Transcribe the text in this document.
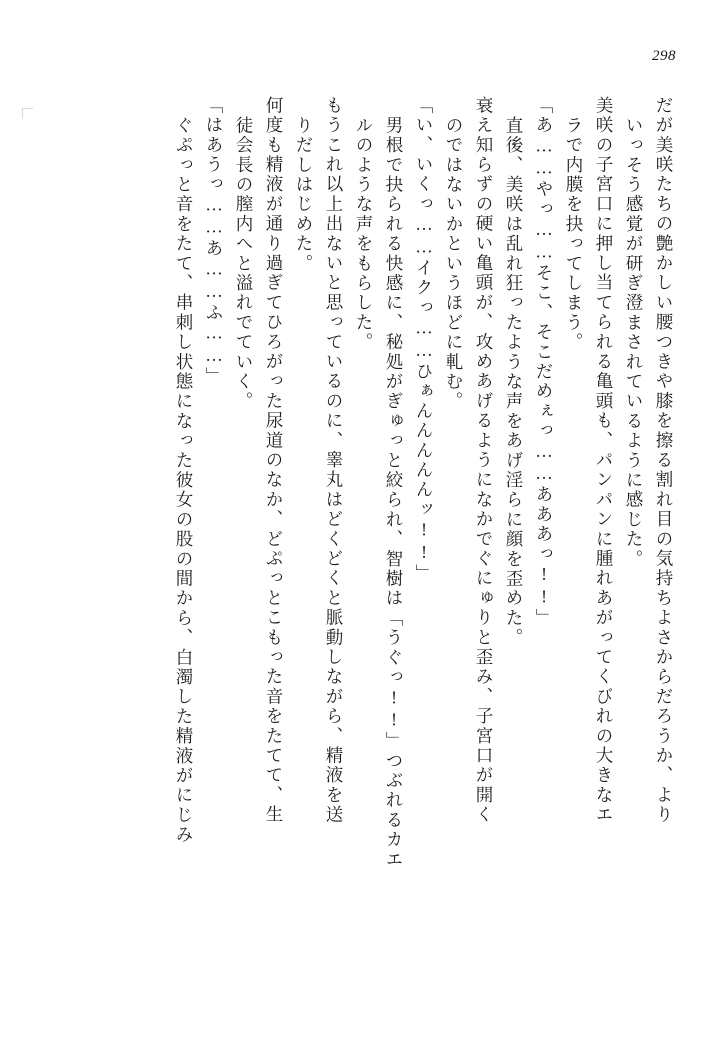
298
だが美咲たちの艶かしい腰つきや膝を擦る割れ目の気持ちよさからだろうか、より
いっそう感覚が研ぎ澄まされているように感じた。
美咲の子宮口に押し当てられる亀頭も、パンパンに腫れあがってくびれの大きなエ
ラで内膜を抉ってしまう。
「あ……やっ……そこ、そこだめぇっ……あああっ!!」
直後、美咲は乱れ狂ったような声をあげ淫らに顔を歪めた。
衰え知らずの硬い亀頭が、攻めあげるようになかでぐにゅりと歪み、子宮口が開く
のではないかというほどに軋む。
「い、いくっ……イクっ……ひぁんんんんんッ!!」
男根で抉られる快感に、秘処がぎゅっと絞られ、智樹は「うぐっ!!」つぶれるカエ
ルのような声をもらした。
もうこれ以上出ないと思っているのに、睾丸はどくどくと脈動しながら、精液を送
りだしはじめた。
何度も精液が通り過ぎてひろがった尿道のなか、どぷっとこもった音をたてて、生
徒会長の膣内へと溢れでていく。
「はあうっ……あ……ふ……」
ぐぷっと音をたて、串刺し状態になった彼女の股の間から、白濁した精液がにじみ
